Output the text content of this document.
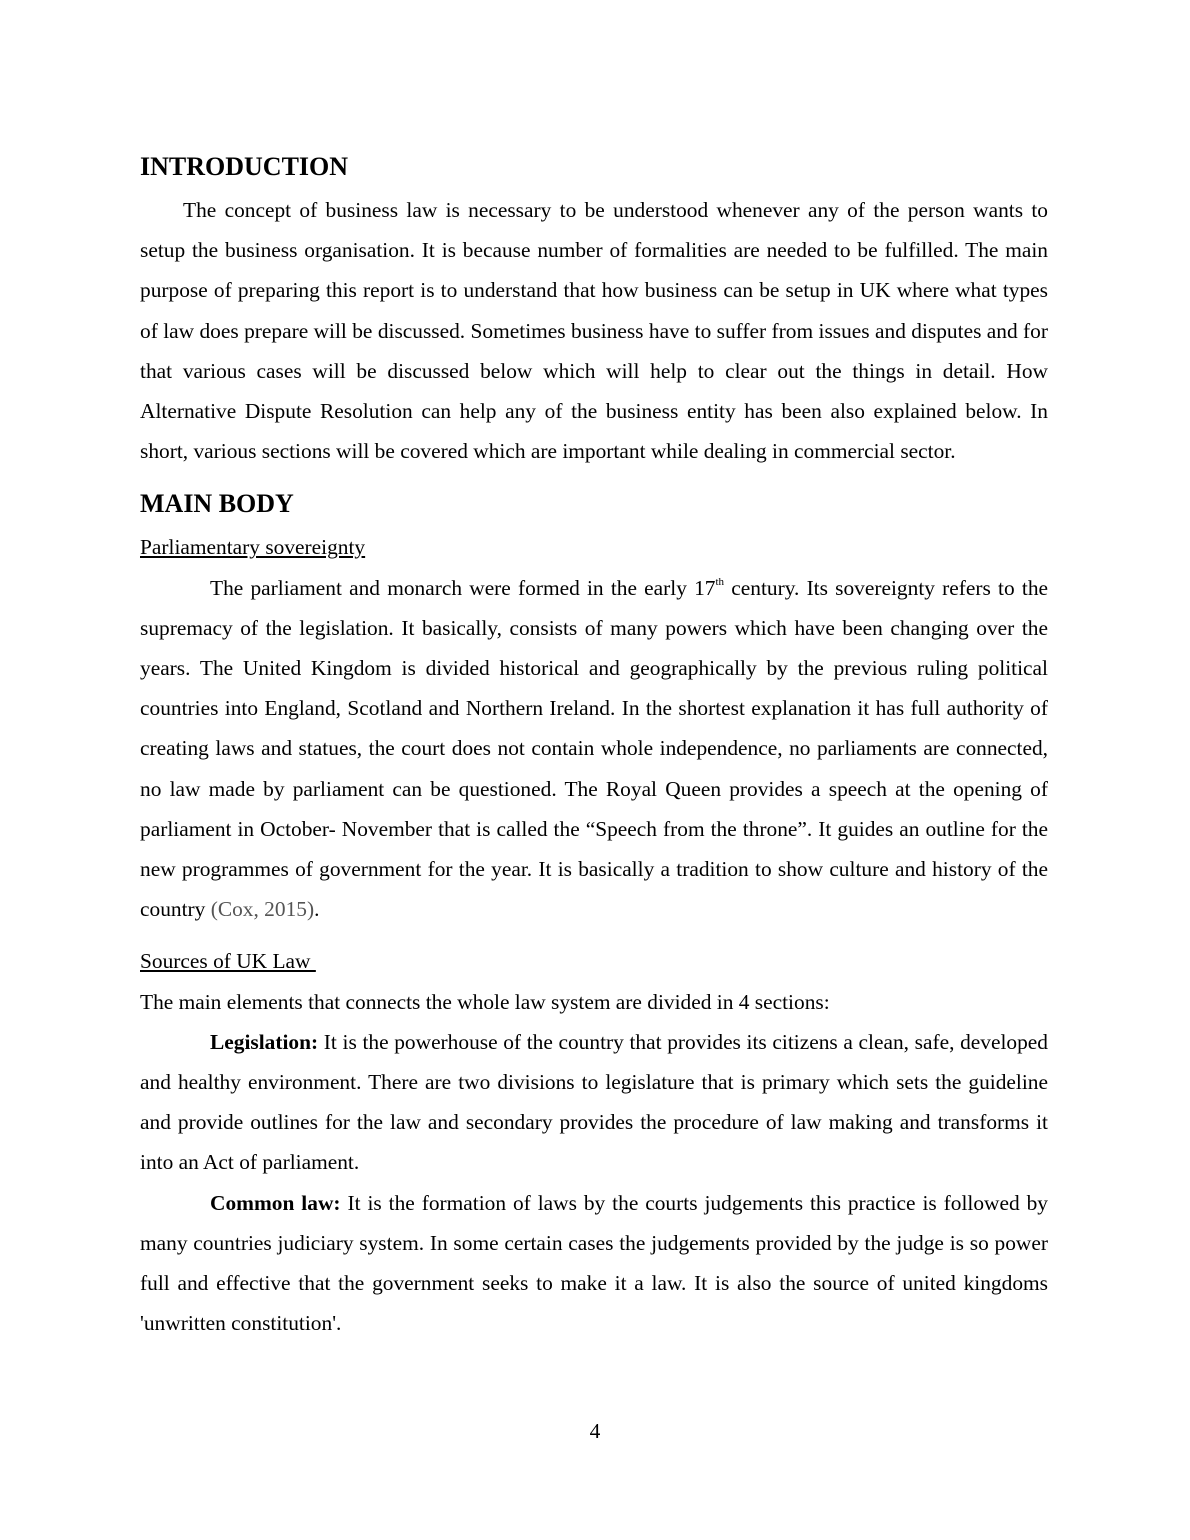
INTRODUCTION

The concept of business law is necessary to be understood whenever any of the person wants to setup the business organisation. It is because number of formalities are needed to be fulfilled. The main purpose of preparing this report is to understand that how business can be setup in UK where what types of law does prepare will be discussed. Sometimes business have to suffer from issues and disputes and for that various cases will be discussed below which will help to clear out the things in detail. How Alternative Dispute Resolution can help any of the business entity has been also explained below. In short, various sections will be covered which are important while dealing in commercial sector.

MAIN BODY
Parliamentary sovereignty

The parliament and monarch were formed in the early 17th century. Its sovereignty refers to the supremacy of the legislation. It basically, consists of many powers which have been changing over the years. The United Kingdom is divided historical and geographically by the previous ruling political countries into England, Scotland and Northern Ireland. In the shortest explanation it has full authority of creating laws and statues, the court does not contain whole independence, no parliaments are connected, no law made by parliament can be questioned. The Royal Queen provides a speech at the opening of parliament in October- November that is called the “Speech from the throne”. It guides an outline for the new programmes of government for the year. It is basically a tradition to show culture and history of the country (Cox, 2015).

Sources of UK Law

The main elements that connects the whole law system are divided in 4 sections:

Legislation: It is the powerhouse of the country that provides its citizens a clean, safe, developed and healthy environment. There are two divisions to legislature that is primary which sets the guideline and provide outlines for the law and secondary provides the procedure of law making and transforms it into an Act of parliament.

Common law: It is the formation of laws by the courts judgements this practice is followed by many countries judiciary system. In some certain cases the judgements provided by the judge is so power full and effective that the government seeks to make it a law. It is also the source of united kingdoms 'unwritten constitution'.

4
